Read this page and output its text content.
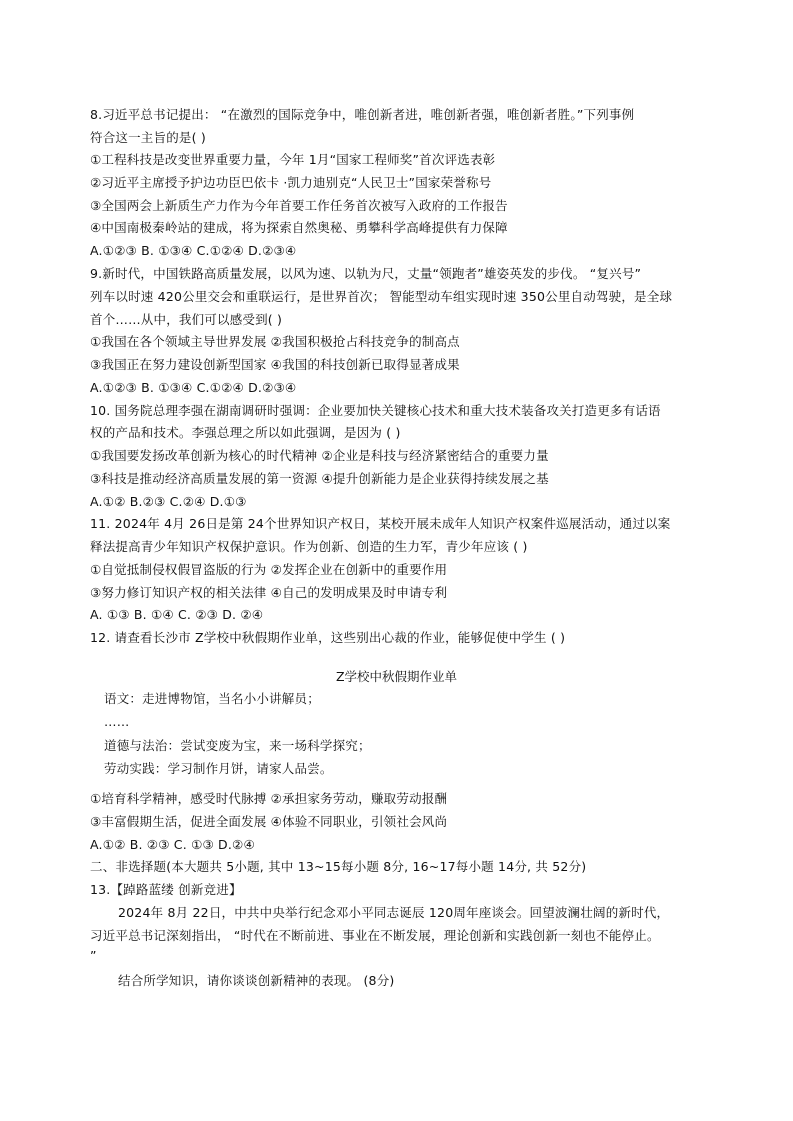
8.习近平总书记提出： “在激烈的国际竞争中，唯创新者进，唯创新者强，唯创新者胜。”下列事例
符合这一主旨的是( )
①工程科技是改变世界重要力量，今年 1月“国家工程师奖”首次评选表彰
②习近平主席授予护边功臣巴依卡 ·凯力迪别克“人民卫士”国家荣誉称号
③全国两会上新质生产力作为今年首要工作任务首次被写入政府的工作报告
④中国南极秦岭站的建成，将为探索自然奥秘、勇攀科学高峰提供有力保障
A.①②③ B. ①③④ C.①②④ D.②③④
9.新时代，中国铁路高质量发展，以风为速、以轨为尺，丈量“领跑者”雄姿英发的步伐。 “复兴号”
列车以时速 420公里交会和重联运行，是世界首次； 智能型动车组实现时速 350公里自动驾驶，是全球
首个……从中，我们可以感受到( )
①我国在各个领域主导世界发展 ②我国积极抢占科技竞争的制高点
③我国正在努力建设创新型国家 ④我国的科技创新已取得显著成果
A.①②③ B. ①③④ C.①②④ D.②③④
10. 国务院总理李强在湖南调研时强调：企业要加快关键核心技术和重大技术装备攻关打造更多有话语
权的产品和技术。李强总理之所以如此强调，是因为 ( )
①我国要发扬改革创新为核心的时代精神 ②企业是科技与经济紧密结合的重要力量
③科技是推动经济高质量发展的第一资源 ④提升创新能力是企业获得持续发展之基
A.①② B.②③ C.②④ D.①③
11. 2024年 4月 26日是第 24个世界知识产权日，某校开展未成年人知识产权案件巡展活动，通过以案
释法提高青少年知识产权保护意识。作为创新、创造的生力军，青少年应该 ( )
①自觉抵制侵权假冒盗版的行为 ②发挥企业在创新中的重要作用
③努力修订知识产权的相关法律 ④自己的发明成果及时申请专利
A. ①③ B. ①④ C. ②③ D. ②④
12. 请查看长沙市 Z学校中秋假期作业单，这些别出心裁的作业，能够促使中学生 ( )
Z学校中秋假期作业单
语文：走进博物馆，当名小小讲解员；
……
道德与法治：尝试变废为宝，来一场科学探究；
劳动实践：学习制作月饼，请家人品尝。
①培育科学精神，感受时代脉搏 ②承担家务劳动，赚取劳动报酬
③丰富假期生活，促进全面发展 ④体验不同职业，引领社会风尚
A.①② B. ②③ C. ①③ D.②④
二、非选择题(本大题共 5小题, 其中 13~15每小题 8分, 16~17每小题 14分, 共 52分)
13.【踔路蓝缕 创新竞进】
2024年 8月 22日，中共中央举行纪念邓小平同志诞辰 120周年座谈会。回望波澜壮阔的新时代，
习近平总书记深刻指出， “时代在不断前进、事业在不断发展，理论创新和实践创新一刻也不能停止。
”
结合所学知识，请你谈谈创新精神的表现。 (8分)
